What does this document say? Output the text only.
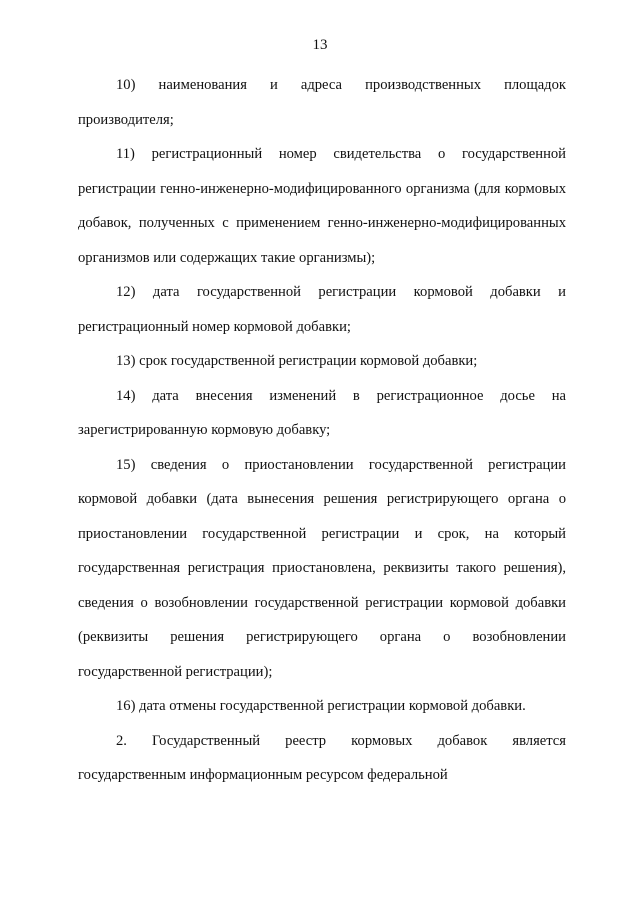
13

10) наименования и адреса производственных площадок производителя;

11) регистрационный номер свидетельства о государственной регистрации генно-инженерно-модифицированного организма (для кормовых добавок, полученных с применением генно-инженерно-модифицированных организмов или содержащих такие организмы);

12) дата государственной регистрации кормовой добавки и регистрационный номер кормовой добавки;

13) срок государственной регистрации кормовой добавки;

14) дата внесения изменений в регистрационное досье на зарегистрированную кормовую добавку;

15) сведения о приостановлении государственной регистрации кормовой добавки (дата вынесения решения регистрирующего органа о приостановлении государственной регистрации и срок, на который государственная регистрация приостановлена, реквизиты такого решения), сведения о возобновлении государственной регистрации кормовой добавки (реквизиты решения регистрирующего органа о возобновлении государственной регистрации);

16) дата отмены государственной регистрации кормовой добавки.

2. Государственный реестр кормовых добавок является государственным информационным ресурсом федеральной
